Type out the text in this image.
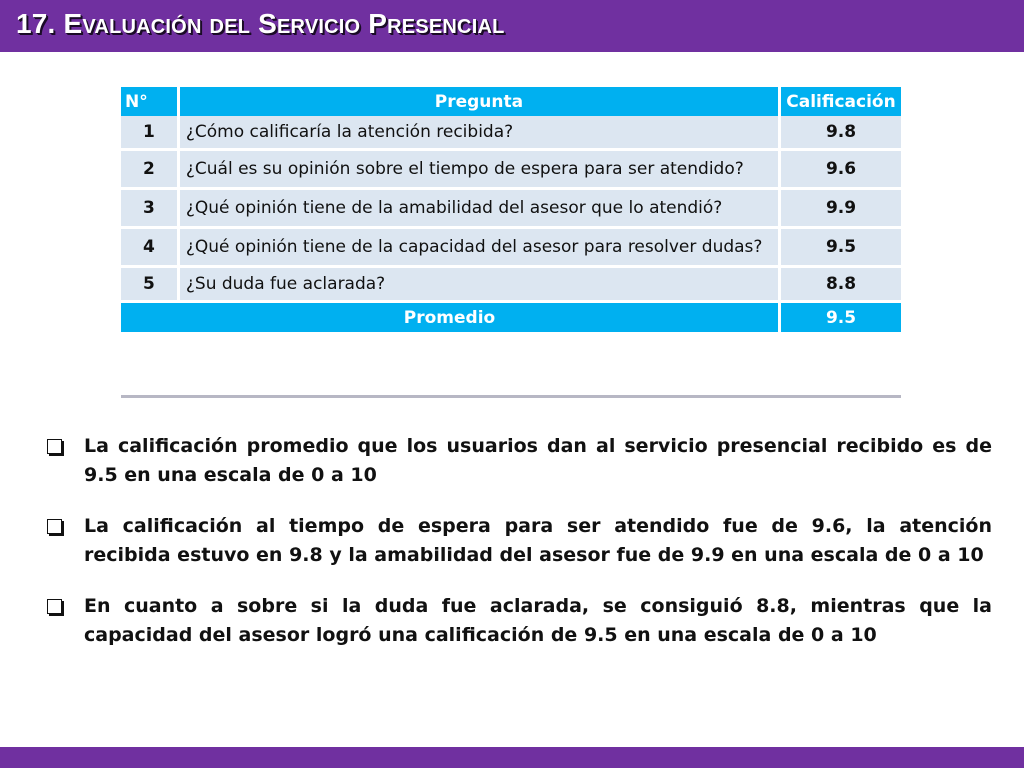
17. Evaluación del Servicio Presencial
N°	Pregunta	Calificación
1	¿Cómo calificaría la atención recibida?	9.8
2	¿Cuál es su opinión sobre el tiempo de espera para ser atendido?	9.6
3	¿Qué opinión tiene de la amabilidad del asesor que lo atendió?	9.9
4	¿Qué opinión tiene de la capacidad del asesor para resolver dudas?	9.5
5	¿Su duda fue aclarada?	8.8
Promedio		9.5
La calificación promedio que los usuarios dan al servicio presencial recibido es de 9.5 en una escala de 0 a 10
La calificación al tiempo de espera para ser atendido fue de 9.6, la atención recibida estuvo en 9.8 y la amabilidad del asesor fue de 9.9 en una escala de 0 a 10
En cuanto a sobre si la duda fue aclarada, se consiguió 8.8, mientras que la capacidad del asesor logró una calificación de 9.5 en una escala de 0 a 10
